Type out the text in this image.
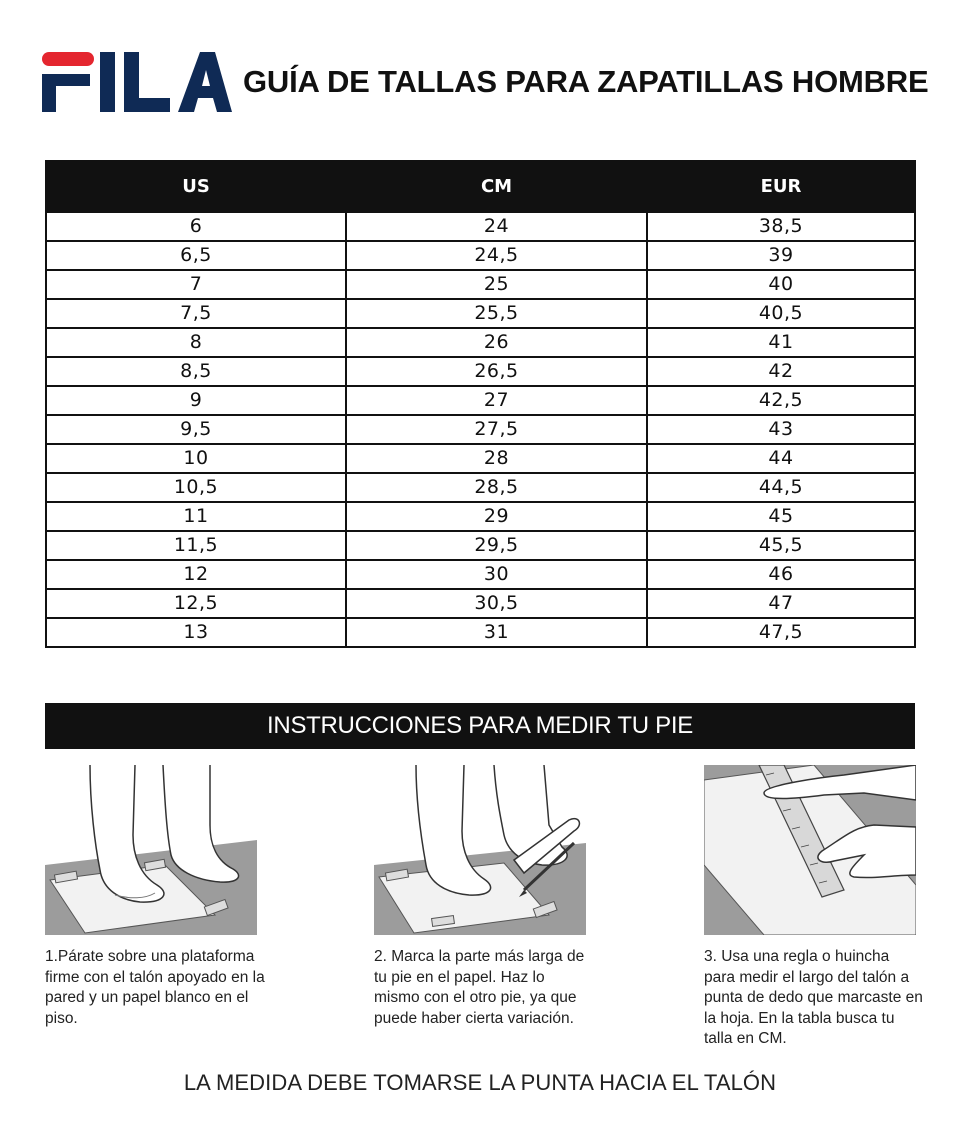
GUÍA DE TALLAS PARA ZAPATILLAS HOMBRE
US	CM	EUR
6	24	38,5
6,5	24,5	39
7	25	40
7,5	25,5	40,5
8	26	41
8,5	26,5	42
9	27	42,5
9,5	27,5	43
10	28	44
10,5	28,5	44,5
11	29	45
11,5	29,5	45,5
12	30	46
12,5	30,5	47
13	31	47,5
INSTRUCCIONES PARA MEDIR TU PIE
1.Párate sobre una plataforma firme con el talón apoyado en la pared y un papel blanco en el piso.
2. Marca la parte más larga de tu pie en el papel. Haz lo mismo con el otro pie, ya que puede haber cierta variación.
3. Usa una regla o huincha para medir el largo del talón a punta de dedo que marcaste en la hoja. En la tabla busca tu talla en CM.
LA MEDIDA DEBE TOMARSE LA PUNTA HACIA EL TALÓN
